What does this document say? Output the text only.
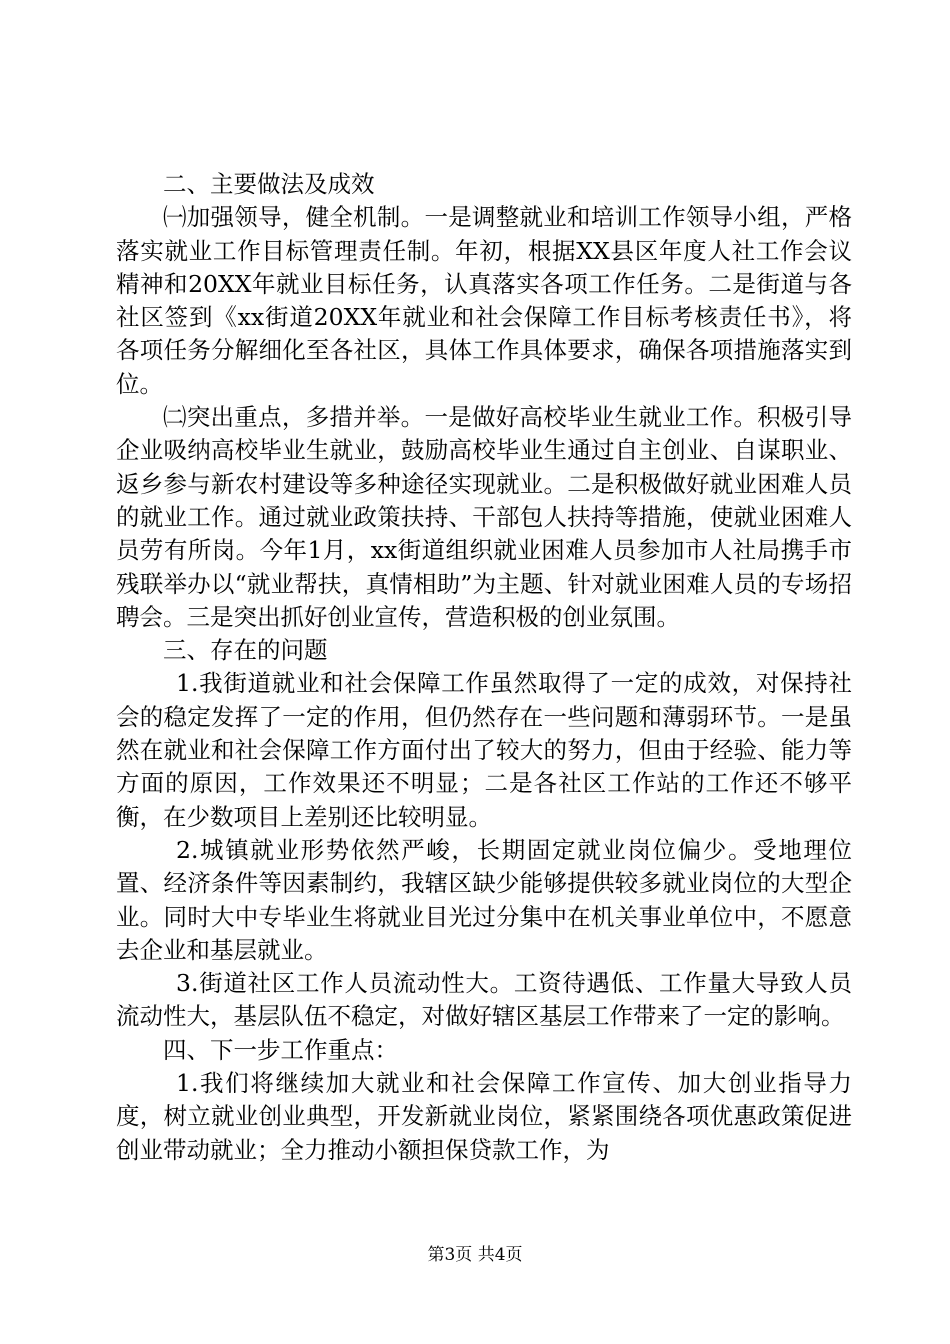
二、主要做法及成效

㈠加强领导，健全机制。一是调整就业和培训工作领导小组，严格落实就业工作目标管理责任制。年初，根据XX县区年度人社工作会议精神和20XX年就业目标任务，认真落实各项工作任务。二是街道与各社区签到《xx街道20XX年就业和社会保障工作目标考核责任书》，将各项任务分解细化至各社区，具体工作具体要求，确保各项措施落实到位。

㈡突出重点，多措并举。一是做好高校毕业生就业工作。积极引导企业吸纳高校毕业生就业，鼓励高校毕业生通过自主创业、自谋职业、返乡参与新农村建设等多种途径实现就业。二是积极做好就业困难人员的就业工作。通过就业政策扶持、干部包人扶持等措施，使就业困难人员劳有所岗。今年1月，xx街道组织就业困难人员参加市人社局携手市残联举办以“就业帮扶，真情相助”为主题、针对就业困难人员的专场招聘会。三是突出抓好创业宣传，营造积极的创业氛围。

三、存在的问题

1.我街道就业和社会保障工作虽然取得了一定的成效，对保持社会的稳定发挥了一定的作用，但仍然存在一些问题和薄弱环节。一是虽然在就业和社会保障工作方面付出了较大的努力，但由于经验、能力等方面的原因，工作效果还不明显；二是各社区工作站的工作还不够平衡，在少数项目上差别还比较明显。

2.城镇就业形势依然严峻，长期固定就业岗位偏少。受地理位置、经济条件等因素制约，我辖区缺少能够提供较多就业岗位的大型企业。同时大中专毕业生将就业目光过分集中在机关事业单位中，不愿意去企业和基层就业。

3.街道社区工作人员流动性大。工资待遇低、工作量大导致人员流动性大，基层队伍不稳定，对做好辖区基层工作带来了一定的影响。

四、下一步工作重点：

1.我们将继续加大就业和社会保障工作宣传、加大创业指导力度，树立就业创业典型，开发新就业岗位，紧紧围绕各项优惠政策促进创业带动就业；全力推动小额担保贷款工作，为

第3页 共4页
